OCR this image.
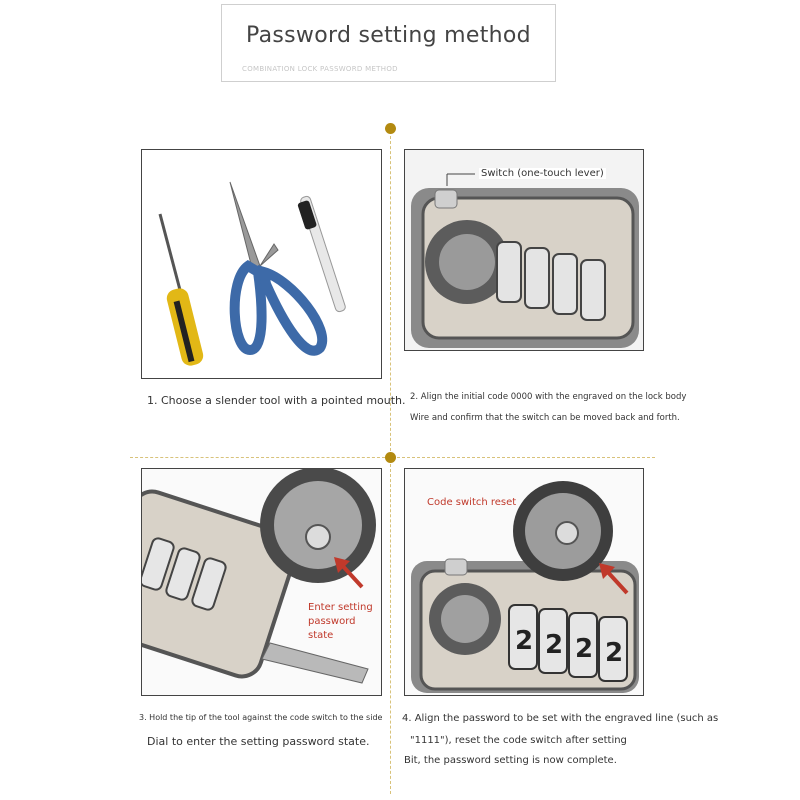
Password setting method
COMBINATION LOCK PASSWORD METHOD
1. Choose a slender tool with a pointed mouth.
Switch (one-touch lever)
2. Align the initial code 0000 with the engraved on the lock body
Wire and confirm that the switch can be moved back and forth.
Enter setting
password state
3. Hold the tip of the tool against the code switch to the side
Dial to enter the setting password state.
2 2 2 2
Code switch reset
4. Align the password to be set with the engraved line (such as
"1111"), reset the code switch after setting
Bit, the password setting is now complete.
